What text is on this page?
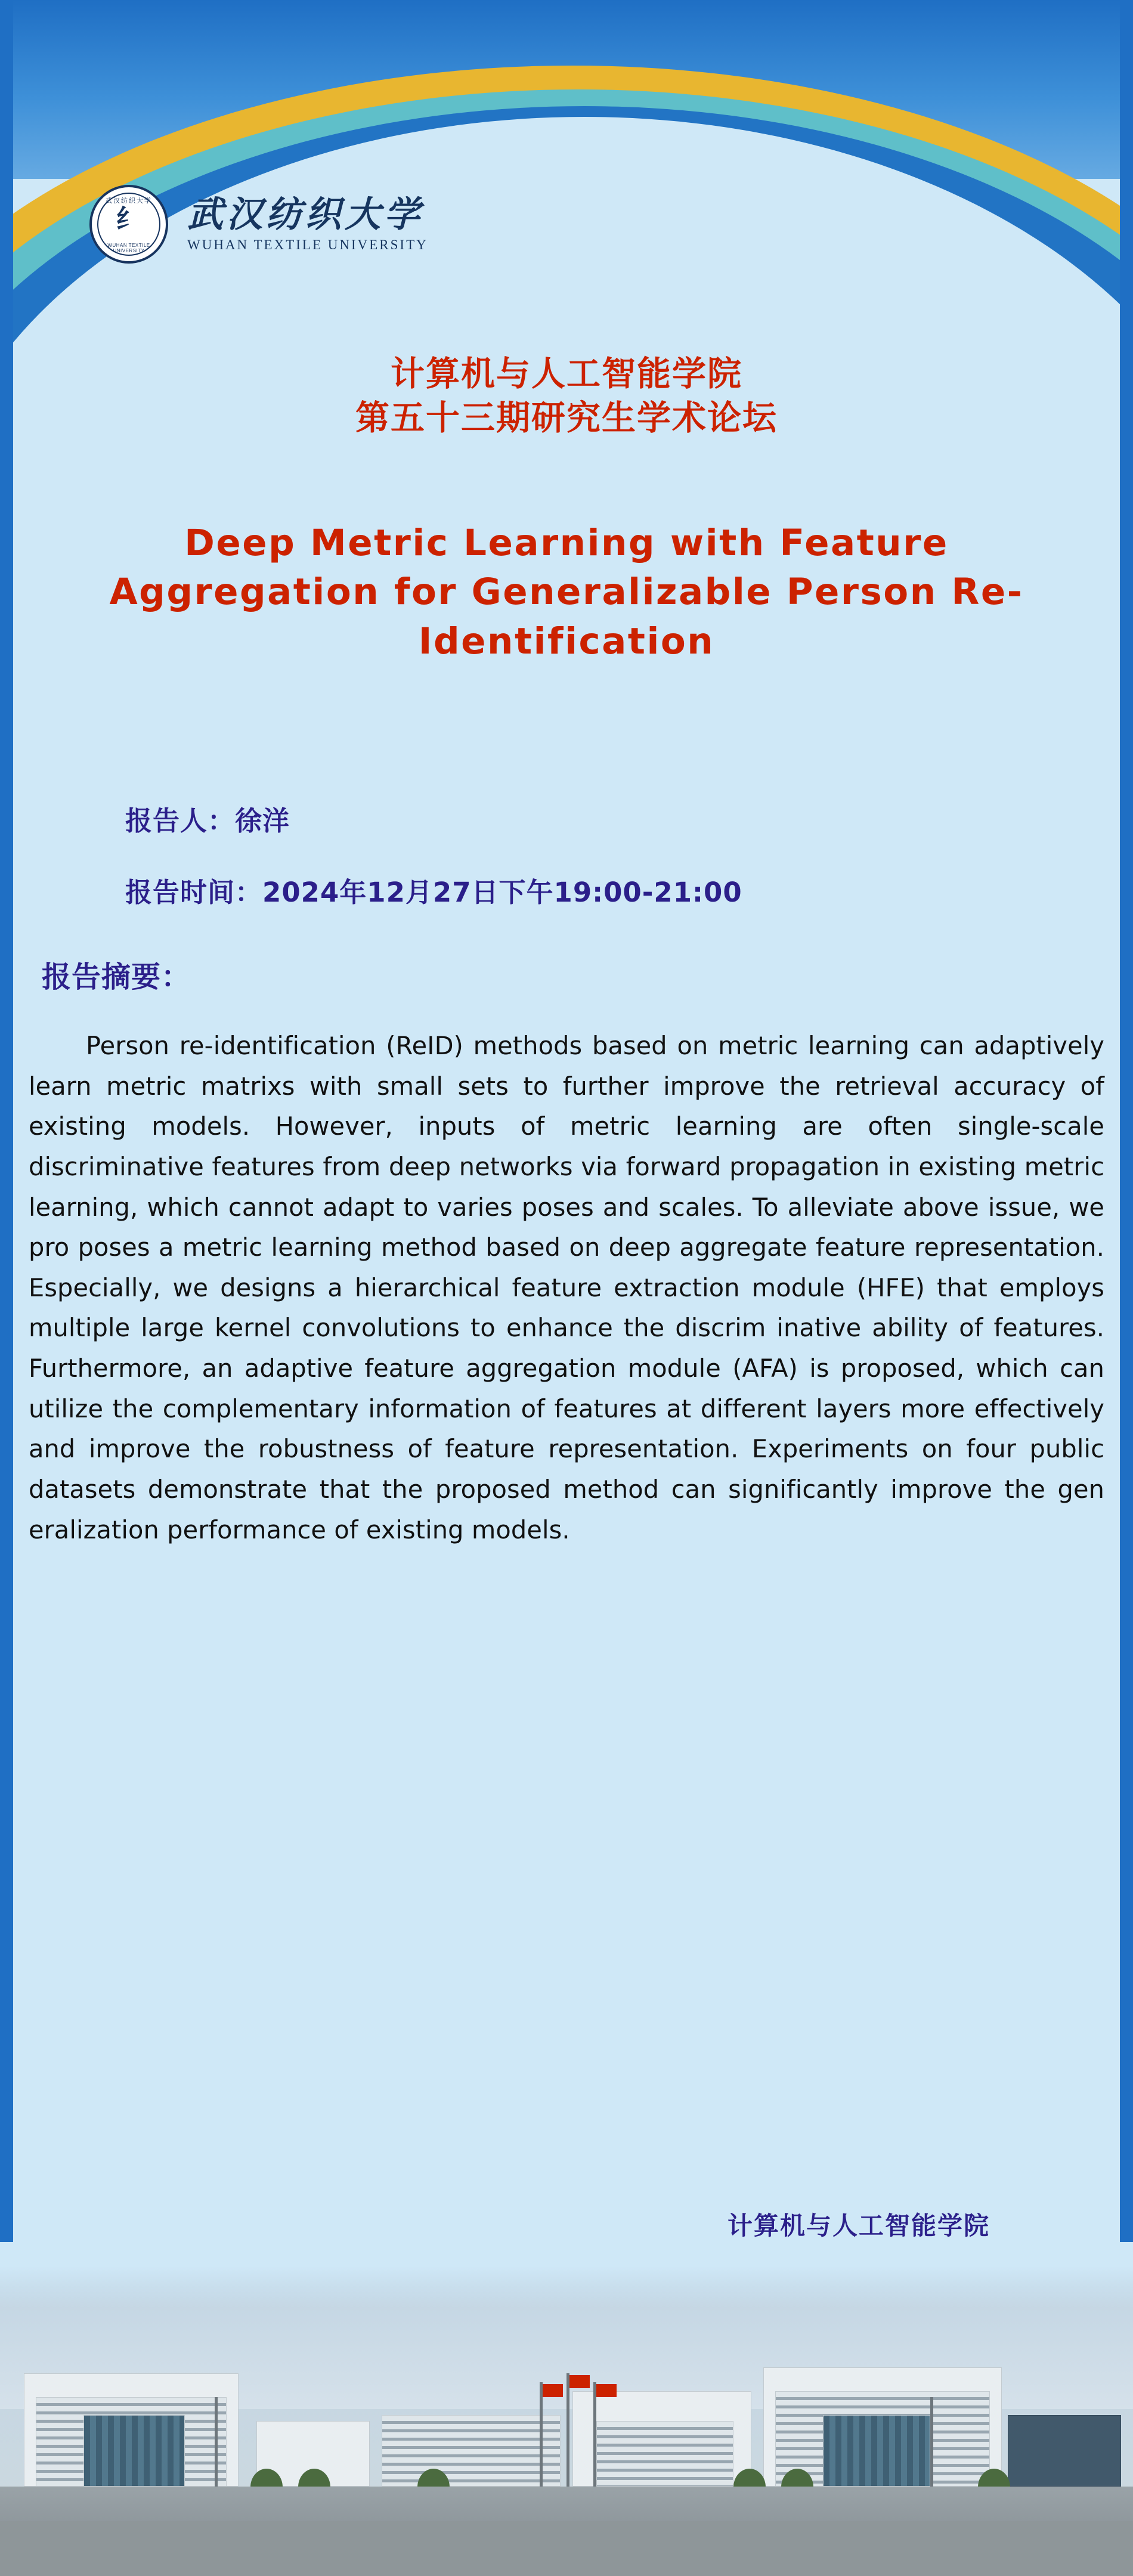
武汉纺织大学
纟
WUHAN TEXTILE UNIVERSITY
武汉纺织大学
WUHAN TEXTILE UNIVERSITY
计算机与人工智能学院
第五十三期研究生学术论坛
Deep Metric Learning with Feature Aggregation for Generalizable Person Re-Identification
报告人：徐洋
报告时间：2024年12月27日下午19:00-21:00
报告摘要：
Person re-identification (ReID) methods based on metric learning can adaptively learn metric matrixs with small sets to further improve the retrieval accuracy of existing models. However, inputs of metric learning are often single-scale discriminative features from deep networks via forward propagation in existing metric learning, which cannot adapt to varies poses and scales. To alleviate above issue, we pro poses a metric learning method based on deep aggregate feature representation. Especially, we designs a hierarchical feature extraction module (HFE) that employs multiple large kernel convolutions to enhance the discrim inative ability of features. Furthermore, an adaptive feature aggregation module (AFA) is proposed, which can utilize the complementary information of features at different layers more effectively and improve the robustness of feature representation. Experiments on four public datasets demonstrate that the proposed method can significantly improve the gen eralization performance of existing models.
计算机与人工智能学院
